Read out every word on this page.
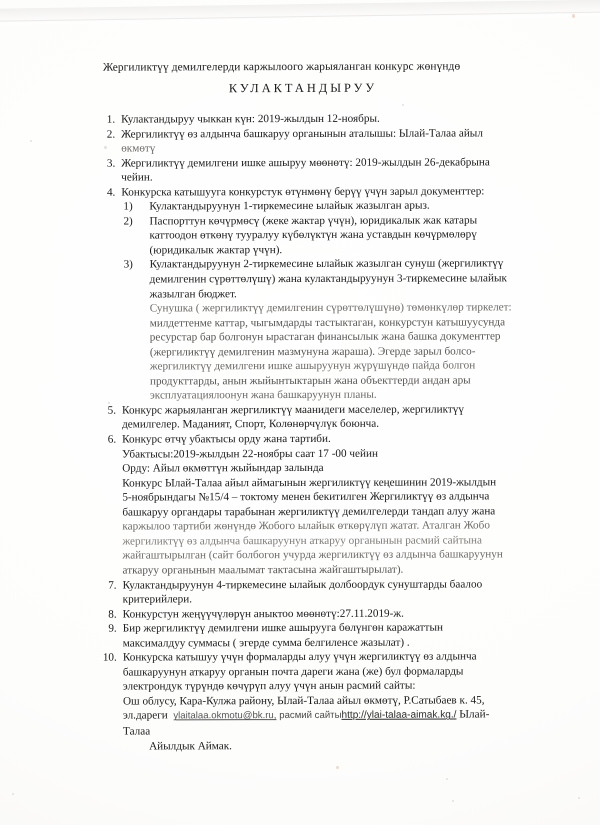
Жергиликтүү демилгелерди каржылоого жарыяланган конкурс жөнүндө
КУЛАКТАНДЫРУУ
1. Кулактандыруу чыккан күн: 2019-жылдын 12-ноябры.
2. Жергиликтүү өз алдынча башкаруу органынын аталышы: Ылай-Талаа айыл
өкмөтү
3. Жергиликтүү демилгени ишке ашыруу мөөнөтү: 2019-жылдын 26-декабрына
чейин.
4. Конкурска катышууга конкурстук өтүнмөнү берүү үчүн зарыл документтер:
1)	Кулактандыруунун 1-тиркемесине ылайык жазылган арыз.
2)	Паспорттун көчүрмөсү (жеке жактар үчүн), юридикалык жак катары
каттоодон өткөнү тууралуу күбөлүктүн жана уставдын көчүрмөлөрү
(юридикалык жактар үчүн).
3)	Кулактандыруунун 2-тиркемесине ылайык жазылган сунуш (жергиликтүү
демилгенин сүрөттөлүшү) жана кулактандыруунун 3-тиркемесине ылайык
жазылган бюджет.
Сунушка ( жергиликтүү демилгенин сүрөттөлүшүнө) төмөнкүлөр тиркелет:
милдеттенме каттар, чыгымдарды тастыктаган, конкурстун катышуусунда
ресурстар бар болгонун ырастаган финансылык жана башка документтер
(жергиликтүү демилгенин мазмунуна жараша). Эгерде зарыл болсо-
жергиликтүү демилгени ишке ашыруунун жүрүшүндө пайда болгон
продукттарды, анын жыйынтыктарын жана объекттерди андан ары
эксплуатациялоонун жана башкаруунун планы.
5. Конкурс жарыяланган жергиликтүү маанидеги маселелер, жергиликтүү
демилгелер. Маданият, Спорт, Колөнөрчүлүк боюнча.
6. Конкурс өтчү убактысы орду жана тартиби.
Убактысы:2019-жылдын 22-ноябры саат 17 -00 чейин
Орду: Айыл өкмөттүн жыйындар залында
Конкурс Ылай-Талаа айыл аймагынын жергиликтүү кеңешинин 2019-жылдын
5-ноябрындагы №15/4 – токтому менен бекитилген Жергиликтүү өз алдынча
башкаруу органдары тарабынан жергиликтүү демилгелерди тандап алуу жана
каржылоо тартиби жөнүндө Жобого ылайык өткөрүлүп жатат. Аталган Жобо
жергиликтүү өз алдынча башкаруунун аткаруу органынын расмий сайтына
жайгаштырылган (сайт болбогон учурда жергиликтүү өз алдынча башкаруунун
аткаруу органынын маалымат тактасына жайгаштырылат).
7. Кулактандыруунун 4-тиркемесине ылайык долбоордук сунуштарды баалоо
критерийлери.
8. Конкурстун жеңүүчүлөрүн аныктоо мөөнөтү:27.11.2019-ж.
9. Бир жергиликтүү демилгени ишке ашырууга бөлүнгөн каражаттын
максималдуу суммасы ( эгерде сумма белгиленсе жазылат) .
10. Конкурска катышуу үчүн формаларды алуу үчүн жергиликтүү өз алдынча
башкаруунун аткаруу органын почта дареги жана (же) бул формаларды
электрондук түрүндө көчүрүп алуу үчүн анын расмий сайты:
Ош облусу, Кара-Кулжа району, Ылай-Талаа айыл өкмөтү, Р.Сатыбаев к. 45,
эл.дареги ylaitalaa.okmotu@bk.ru, расмий сайтыhttp://ylai-talaa-aimak.kg./ Ылай-Талаа
Айылдык Аймак.
